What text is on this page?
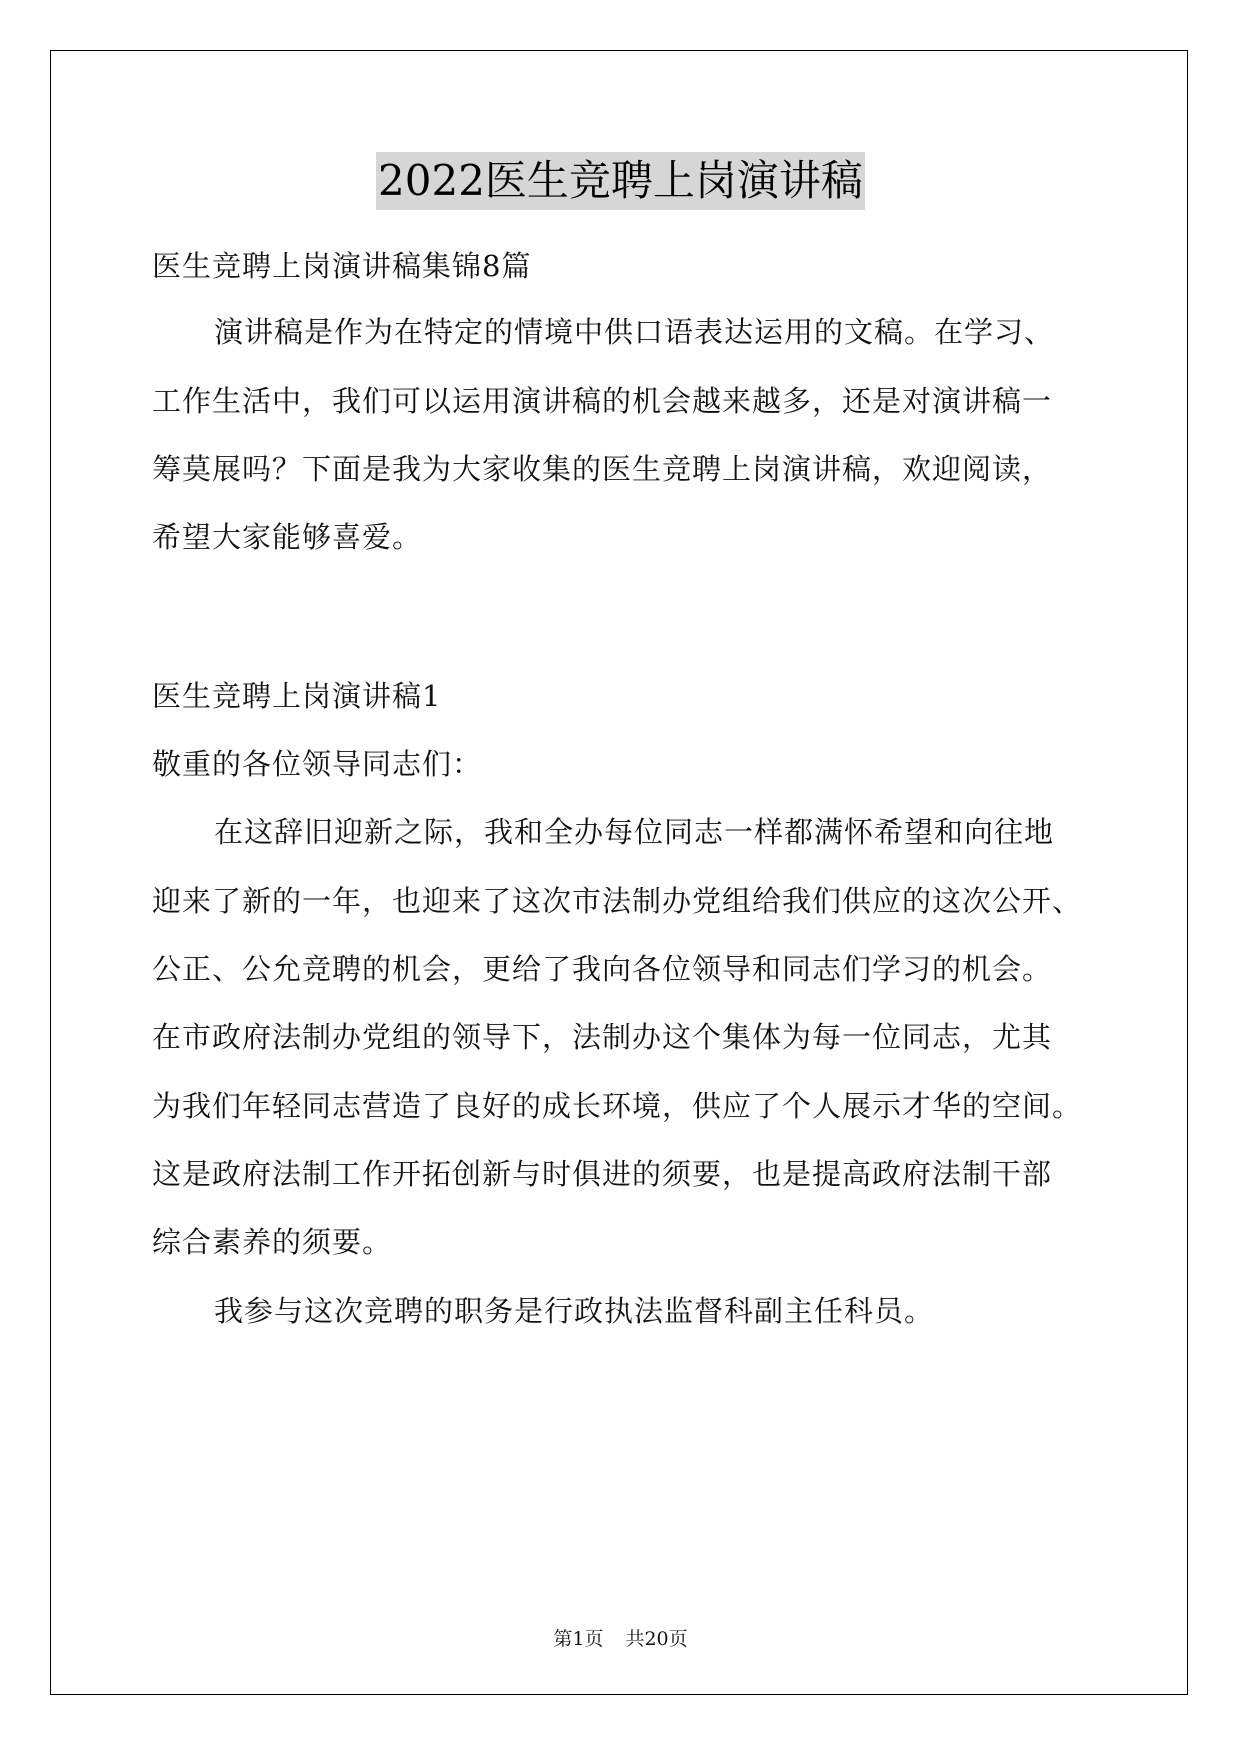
2022医生竞聘上岗演讲稿
医生竞聘上岗演讲稿集锦8篇
演讲稿是作为在特定的情境中供口语表达运用的文稿。在学习、
工作生活中，我们可以运用演讲稿的机会越来越多，还是对演讲稿一
筹莫展吗？下面是我为大家收集的医生竞聘上岗演讲稿，欢迎阅读，
希望大家能够喜爱。
医生竞聘上岗演讲稿1
敬重的各位领导同志们：
在这辞旧迎新之际，我和全办每位同志一样都满怀希望和向往地
迎来了新的一年，也迎来了这次市法制办党组给我们供应的这次公开、
公正、公允竞聘的机会，更给了我向各位领导和同志们学习的机会。
在市政府法制办党组的领导下，法制办这个集体为每一位同志，尤其
为我们年轻同志营造了良好的成长环境，供应了个人展示才华的空间。
这是政府法制工作开拓创新与时俱进的须要，也是提高政府法制干部
综合素养的须要。
我参与这次竞聘的职务是行政执法监督科副主任科员。
第1页 共20页
